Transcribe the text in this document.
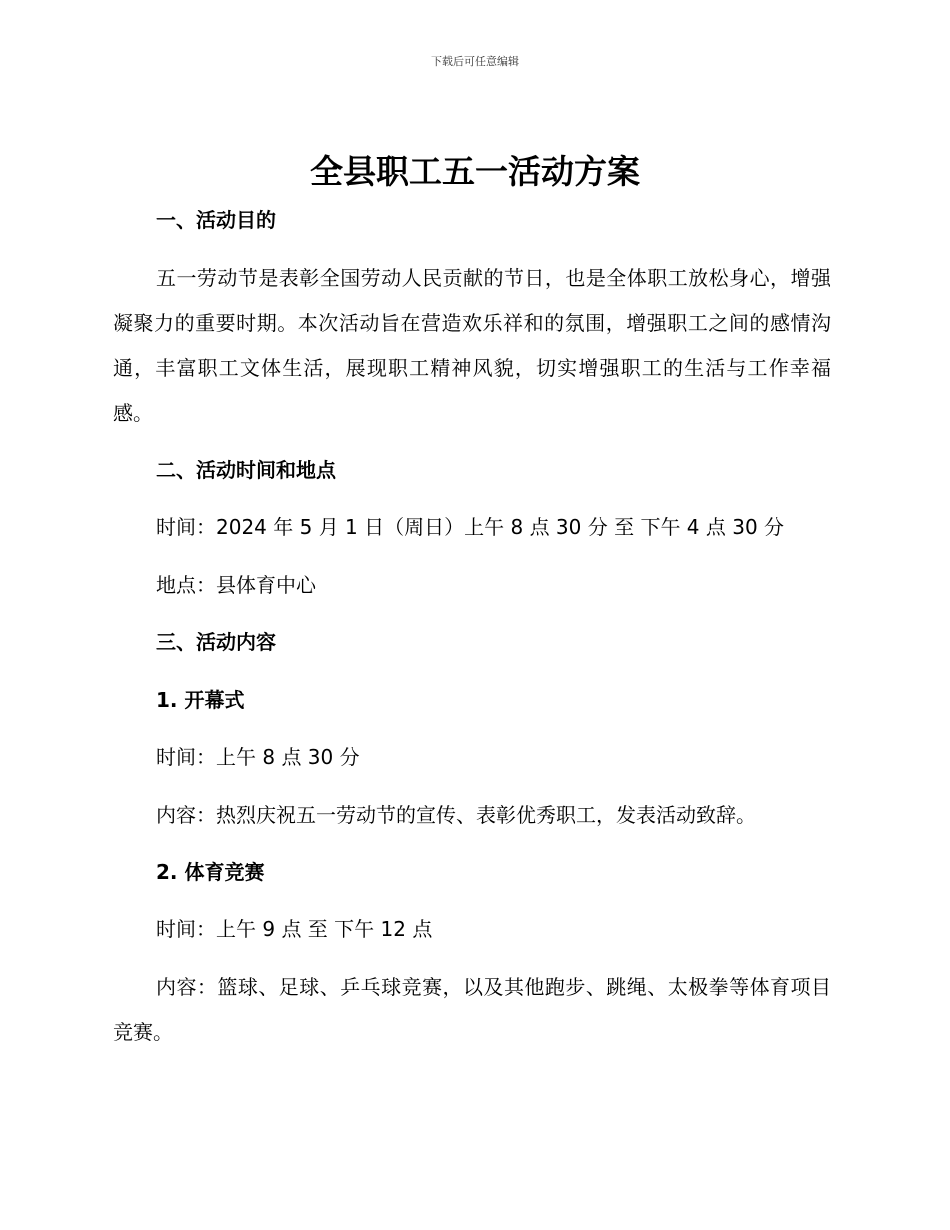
下载后可任意编辑
全县职工五一活动方案

一、活动目的

五一劳动节是表彰全国劳动人民贡献的节日，也是全体职工放松身心，增强凝聚力的重要时期。本次活动旨在营造欢乐祥和的氛围，增强职工之间的感情沟通，丰富职工文体生活，展现职工精神风貌，切实增强职工的生活与工作幸福感。

二、活动时间和地点

时间：2024 年 5 月 1 日（周日）上午 8 点 30 分 至 下午 4 点 30 分

地点：县体育中心

三、活动内容

1. 开幕式

时间：上午 8 点 30 分

内容：热烈庆祝五一劳动节的宣传、表彰优秀职工，发表活动致辞。

2. 体育竞赛

时间：上午 9 点 至 下午 12 点

内容：篮球、足球、乒乓球竞赛，以及其他跑步、跳绳、太极拳等体育项目竞赛。
